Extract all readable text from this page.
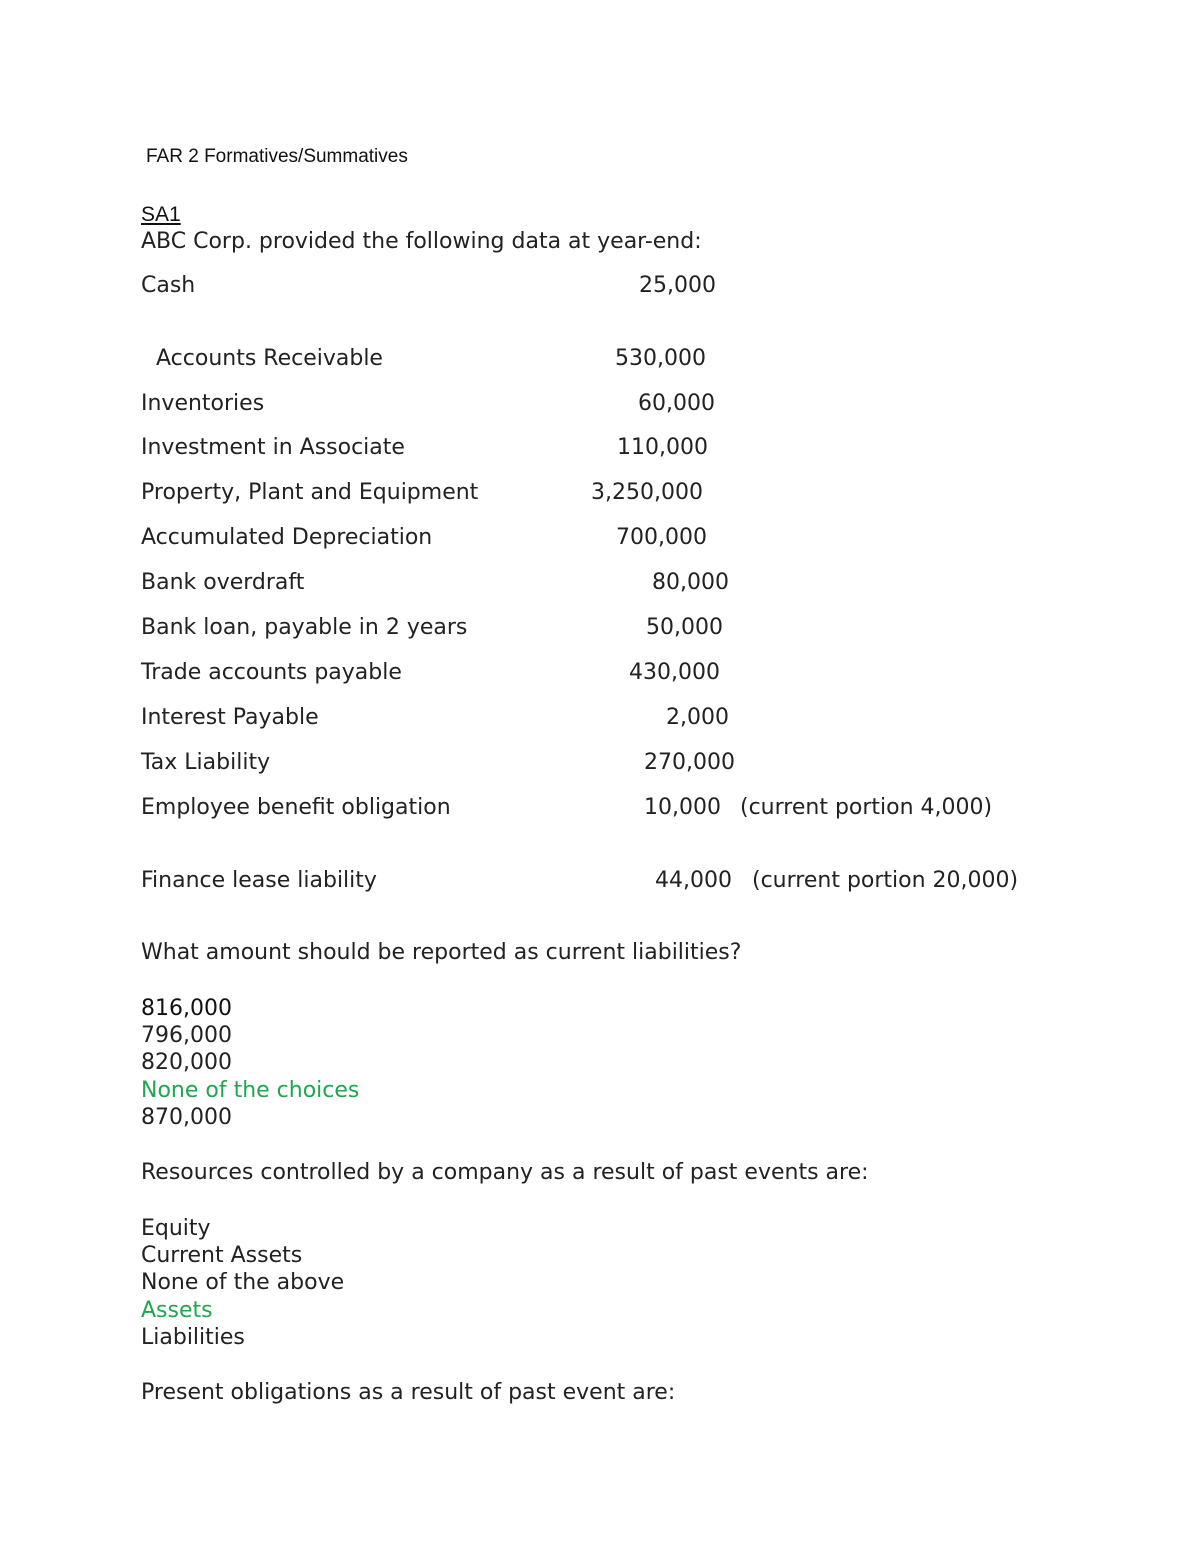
FAR 2 Formatives/Summatives
SA1
ABC Corp. provided the following data at year-end:
Cash	25,000
Accounts Receivable	530,000
Inventories	60,000
Investment in Associate	110,000
Property, Plant and Equipment	3,250,000
Accumulated Depreciation	700,000
Bank overdraft	80,000
Bank loan, payable in 2 years	50,000
Trade accounts payable	430,000
Interest Payable	2,000
Tax Liability	270,000
Employee benefit obligation	10,000 (current portion 4,000)
Finance lease liability	44,000 (current portion 20,000)
What amount should be reported as current liabilities?
816,000
796,000
820,000
None of the choices
870,000
Resources controlled by a company as a result of past events are:
Equity
Current Assets
None of the above
Assets
Liabilities
Present obligations as a result of past event are:
